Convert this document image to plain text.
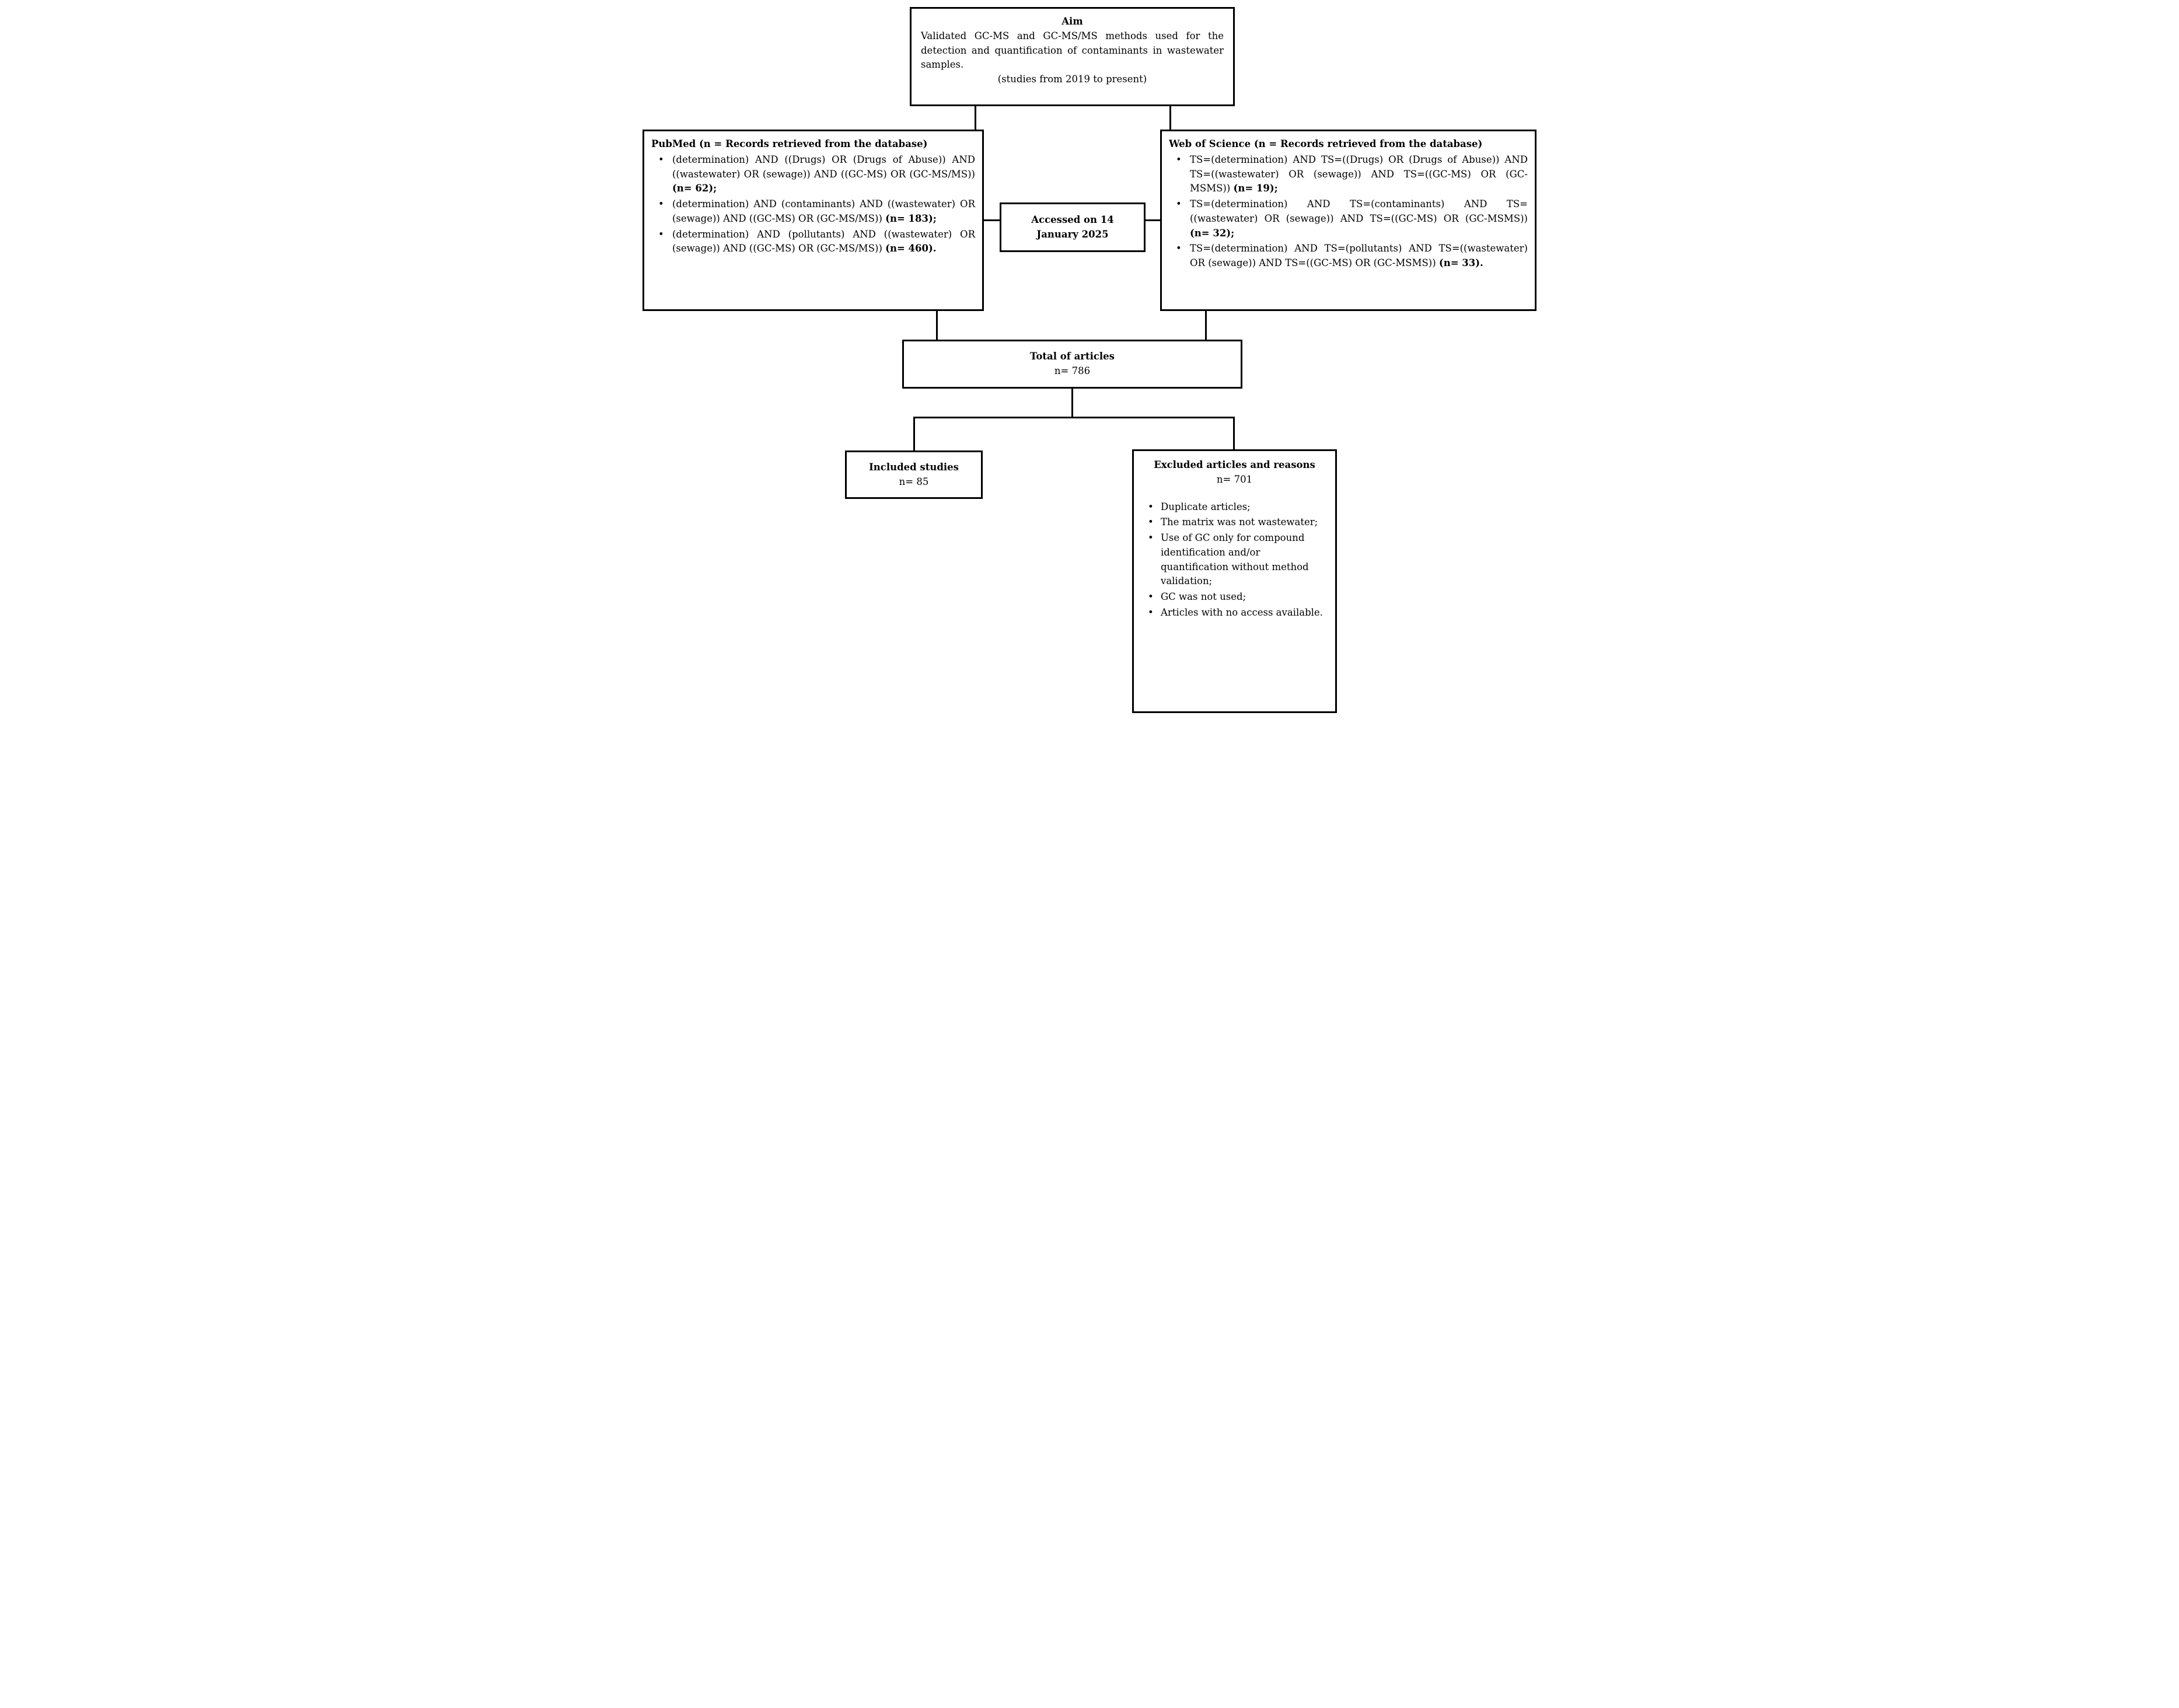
Aim
Validated GC-MS and GC-MS/MS methods used for the detection and quantification of contaminants in wastewater samples.
(studies from 2019 to present)
PubMed (n = Records retrieved from the database)
• (determination) AND ((Drugs) OR (Drugs of Abuse)) AND ((wastewater) OR (sewage)) AND ((GC-MS) OR (GC-MS/MS)) (n= 62);
• (determination) AND (contaminants) AND ((wastewater) OR (sewage)) AND ((GC-MS) OR (GC-MS/MS)) (n= 183);
• (determination) AND (pollutants) AND ((wastewater) OR (sewage)) AND ((GC-MS) OR (GC-MS/MS)) (n= 460).
Accessed on 14
January 2025
Web of Science (n = Records retrieved from the database)
• TS=(determination) AND TS=((Drugs) OR (Drugs of Abuse)) AND TS=((wastewater) OR (sewage)) AND TS=((GC-MS) OR (GC-MSMS)) (n= 19);
• TS=(determination) AND TS=(contaminants) AND TS=((wastewater) OR (sewage)) AND TS=((GC-MS) OR (GC-MSMS)) (n= 32);
• TS=(determination) AND TS=(pollutants) AND TS=((wastewater) OR (sewage)) AND TS=((GC-MS) OR (GC-MSMS)) (n= 33).
Total of articles
n= 786
Included studies
n= 85
Excluded articles and reasons
n= 701
• Duplicate articles;
• The matrix was not wastewater;
• Use of GC only for compound identification and/or quantification without method validation;
• GC was not used;
• Articles with no access available.
